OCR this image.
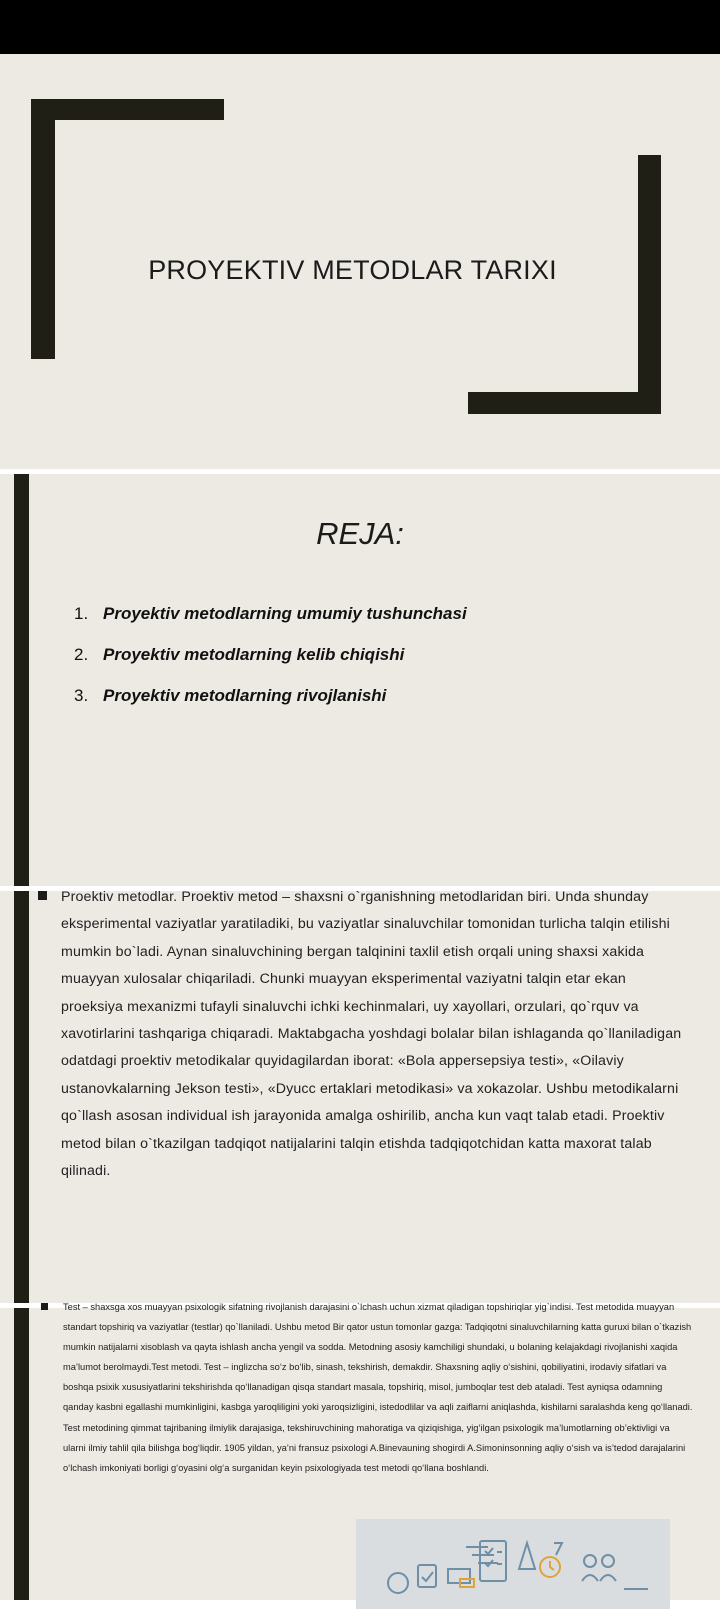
PROYEKTIV METODLAR TARIXI
REJA:
1. Proyektiv metodlarning umumiy tushunchasi
2. Proyektiv metodlarning kelib chiqishi
3. Proyektiv metodlarning rivojlanishi

Proektiv metodlar. Proektiv metod – shaxsni o`rganishning metodlaridan biri. Unda shunday eksperimental vaziyatlar yaratiladiki, bu vaziyatlar sinaluvchilar tomonidan turlicha talqin etilishi mumkin bo`ladi. Aynan sinaluvchining bergan talqinini taxlil etish orqali uning shaxsi xakida muayyan xulosalar chiqariladi. Chunki muayyan eksperimental vaziyatni talqin etar ekan proeksiya mexanizmi tufayli sinaluvchi ichki kechinmalari, uy xayollari, orzulari, qo`rquv va xavotirlarini tashqariga chiqaradi. Maktabgacha yoshdagi bolalar bilan ishlaganda qo`llaniladigan odatdagi proektiv metodikalar quyidagilardan iborat: «Bola appersepsiya testi», «Oilaviy ustanovkalarning Jekson testi», «Dyucc ertaklari metodikasi» va xokazolar. Ushbu metodikalarni qo`llash asosan individual ish jarayonida amalga oshirilib, ancha kun vaqt talab etadi. Proektiv metod bilan o`tkazilgan tadqiqot natijalarini talqin etishda tadqiqotchidan katta maxorat talab qilinadi.

Test – shaxsga xos muayyan psixologik sifatning rivojlanish darajasini o`lchash uchun xizmat qiladigan topshiriqlar yig`indisi. Test metodida muayyan standart topshiriq va vaziyatlar (testlar) qo`llaniladi. Ushbu metod Bir qator ustun tomonlar gazga: Tadqiqotni sinaluvchilarning katta guruxi bilan o`tkazish mumkin natijalarni xisoblash va qayta ishlash ancha yengil va sodda. Metodning asosiy kamchiligi shundaki, u bolaning kelajakdagi rivojlanishi xaqida ma’lumot berolmaydi.Test metodi. Test – inglizcha so‘z bo‘lib, sinash, tekshirish, demakdir. Shaxsning aqliy o‘sishini, qobiliyatini, irodaviy sifatlari va boshqa psixik xususiyatlarini tekshirishda qo‘llanadigan qisqa standart masala, topshiriq, misol, jumboqlar test deb ataladi. Test ayniqsa odamning qanday kasbni egallashi mumkinligini, kasbga yaroqliligini yoki yaroqsizligini, istedodlilar va aqli zaiflarni aniqlashda, kishilarni saralashda keng qo‘llanadi. Test metodining qimmat tajribaning ilmiylik darajasiga, tekshiruvchining mahoratiga va qiziqishiga, yig‘ilgan psixologik ma’lumotlarning ob’ektivligi va ularni ilmiy tahlil qila bilishga bog‘liqdir. 1905 yildan, ya’ni fransuz psixologi A.Binevauning shogirdi A.Simoninsonning aqliy o‘sish va is’tedod darajalarini o‘lchash imkoniyati borligi g‘oyasini olg‘a surganidan keyin psixologiyada test metodi qo‘llana boshlandi.
